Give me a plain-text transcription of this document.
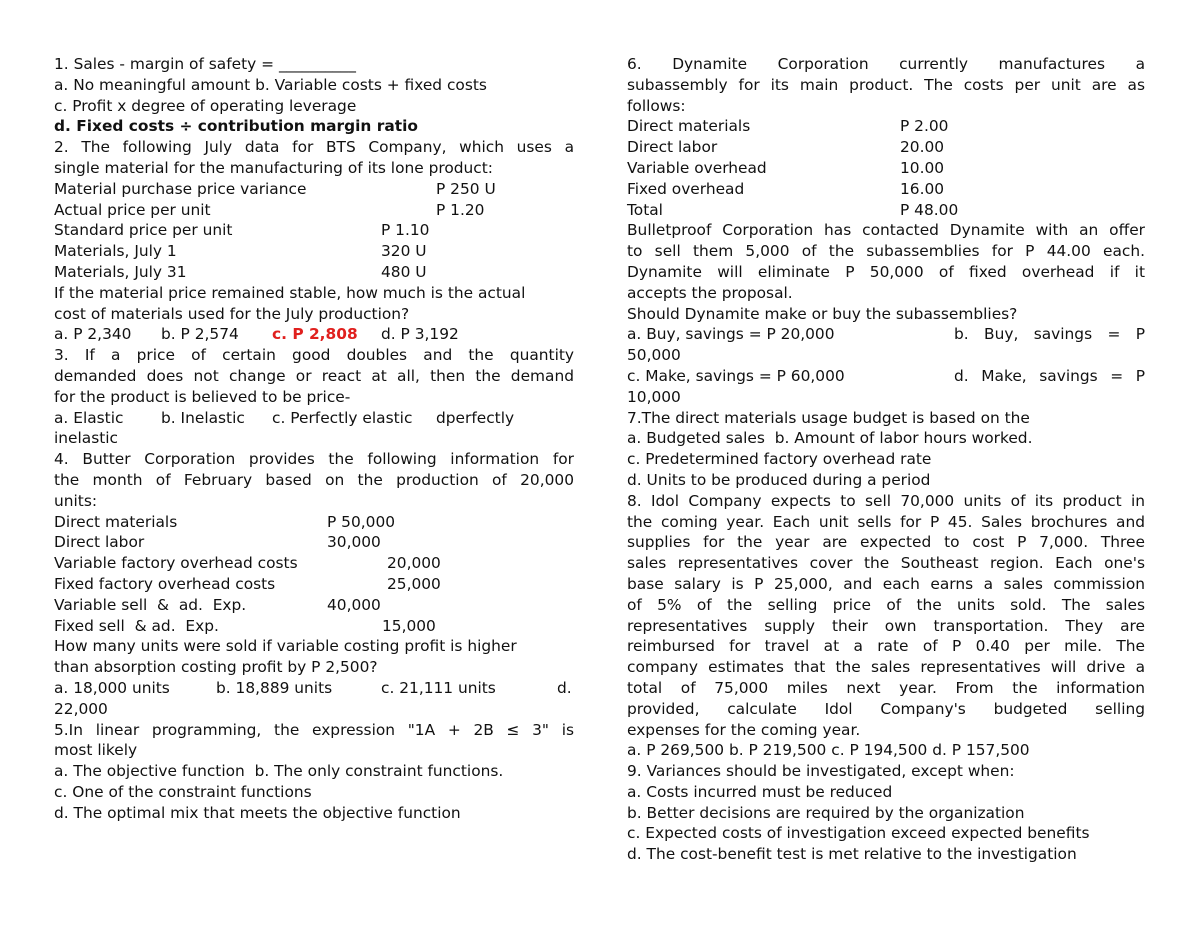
1. Sales - margin of safety = __________
a. No meaningful amount b. Variable costs + fixed costs
c. Profit x degree of operating leverage
d. Fixed costs ÷ contribution margin ratio
2. The following July data for BTS Company, which uses a
single material for the manufacturing of its lone product:
Material purchase price variance	P 250 U
Actual price per unit	P 1.20
Standard price per unit	P 1.10
Materials, July 1	320 U
Materials, July 31	480 U
If the material price remained stable, how much is the actual
cost of materials used for the July production?
a. P 2,340 b. P 2,574 c. P 2,808 d. P 3,192
3. If a price of certain good doubles and the quantity
demanded does not change or react at all, then the demand
for the product is believed to be price-
a. Elastic b. Inelastic c. Perfectly elastic dperfectly
inelastic
4. Butter Corporation provides the following information for
the month of February based on the production of 20,000
units:
Direct materials	P 50,000
Direct labor	30,000
Variable factory overhead costs	20,000
Fixed factory overhead costs	25,000
Variable sell  &  ad.  Exp.	40,000
Fixed sell  & ad.  Exp.	15,000
How many units were sold if variable costing profit is higher
than absorption costing profit by P 2,500?
a. 18,000 units	b. 18,889 units	c. 21,111 units	d.
22,000
5.In linear programming, the expression "1A + 2B ≤ 3" is
most likely
a. The objective function b. The only constraint functions.
c. One of the constraint functions
d. The optimal mix that meets the objective function
6. Dynamite Corporation currently manufactures a
subassembly for its main product. The costs per unit are as
follows:
Direct materials	P 2.00
Direct labor	20.00
Variable overhead	10.00
Fixed overhead	16.00
Total	P 48.00
Bulletproof Corporation has contacted Dynamite with an offer
to sell them 5,000 of the subassemblies for P 44.00 each.
Dynamite will eliminate P 50,000 of fixed overhead if it
accepts the proposal.
Should Dynamite make or buy the subassemblies?
a. Buy, savings = P 20,000	b. Buy, savings = P
50,000
c. Make, savings = P 60,000	d. Make, savings = P
10,000
7.The direct materials usage budget is based on the
a. Budgeted sales b. Amount of labor hours worked.
c. Predetermined factory overhead rate
d. Units to be produced during a period
8. Idol Company expects to sell 70,000 units of its product in
the coming year. Each unit sells for P 45. Sales brochures and
supplies for the year are expected to cost P 7,000. Three
sales representatives cover the Southeast region. Each one's
base salary is P 25,000, and each earns a sales commission
of 5% of the selling price of the units sold. The sales
representatives supply their own transportation. They are
reimbursed for travel at a rate of P 0.40 per mile. The
company estimates that the sales representatives will drive a
total of 75,000 miles next year. From the information
provided, calculate Idol Company's budgeted selling
expenses for the coming year.
a. P 269,500 b. P 219,500 c. P 194,500 d. P 157,500
9. Variances should be investigated, except when:
a. Costs incurred must be reduced
b. Better decisions are required by the organization
c. Expected costs of investigation exceed expected benefits
d. The cost-benefit test is met relative to the investigation
